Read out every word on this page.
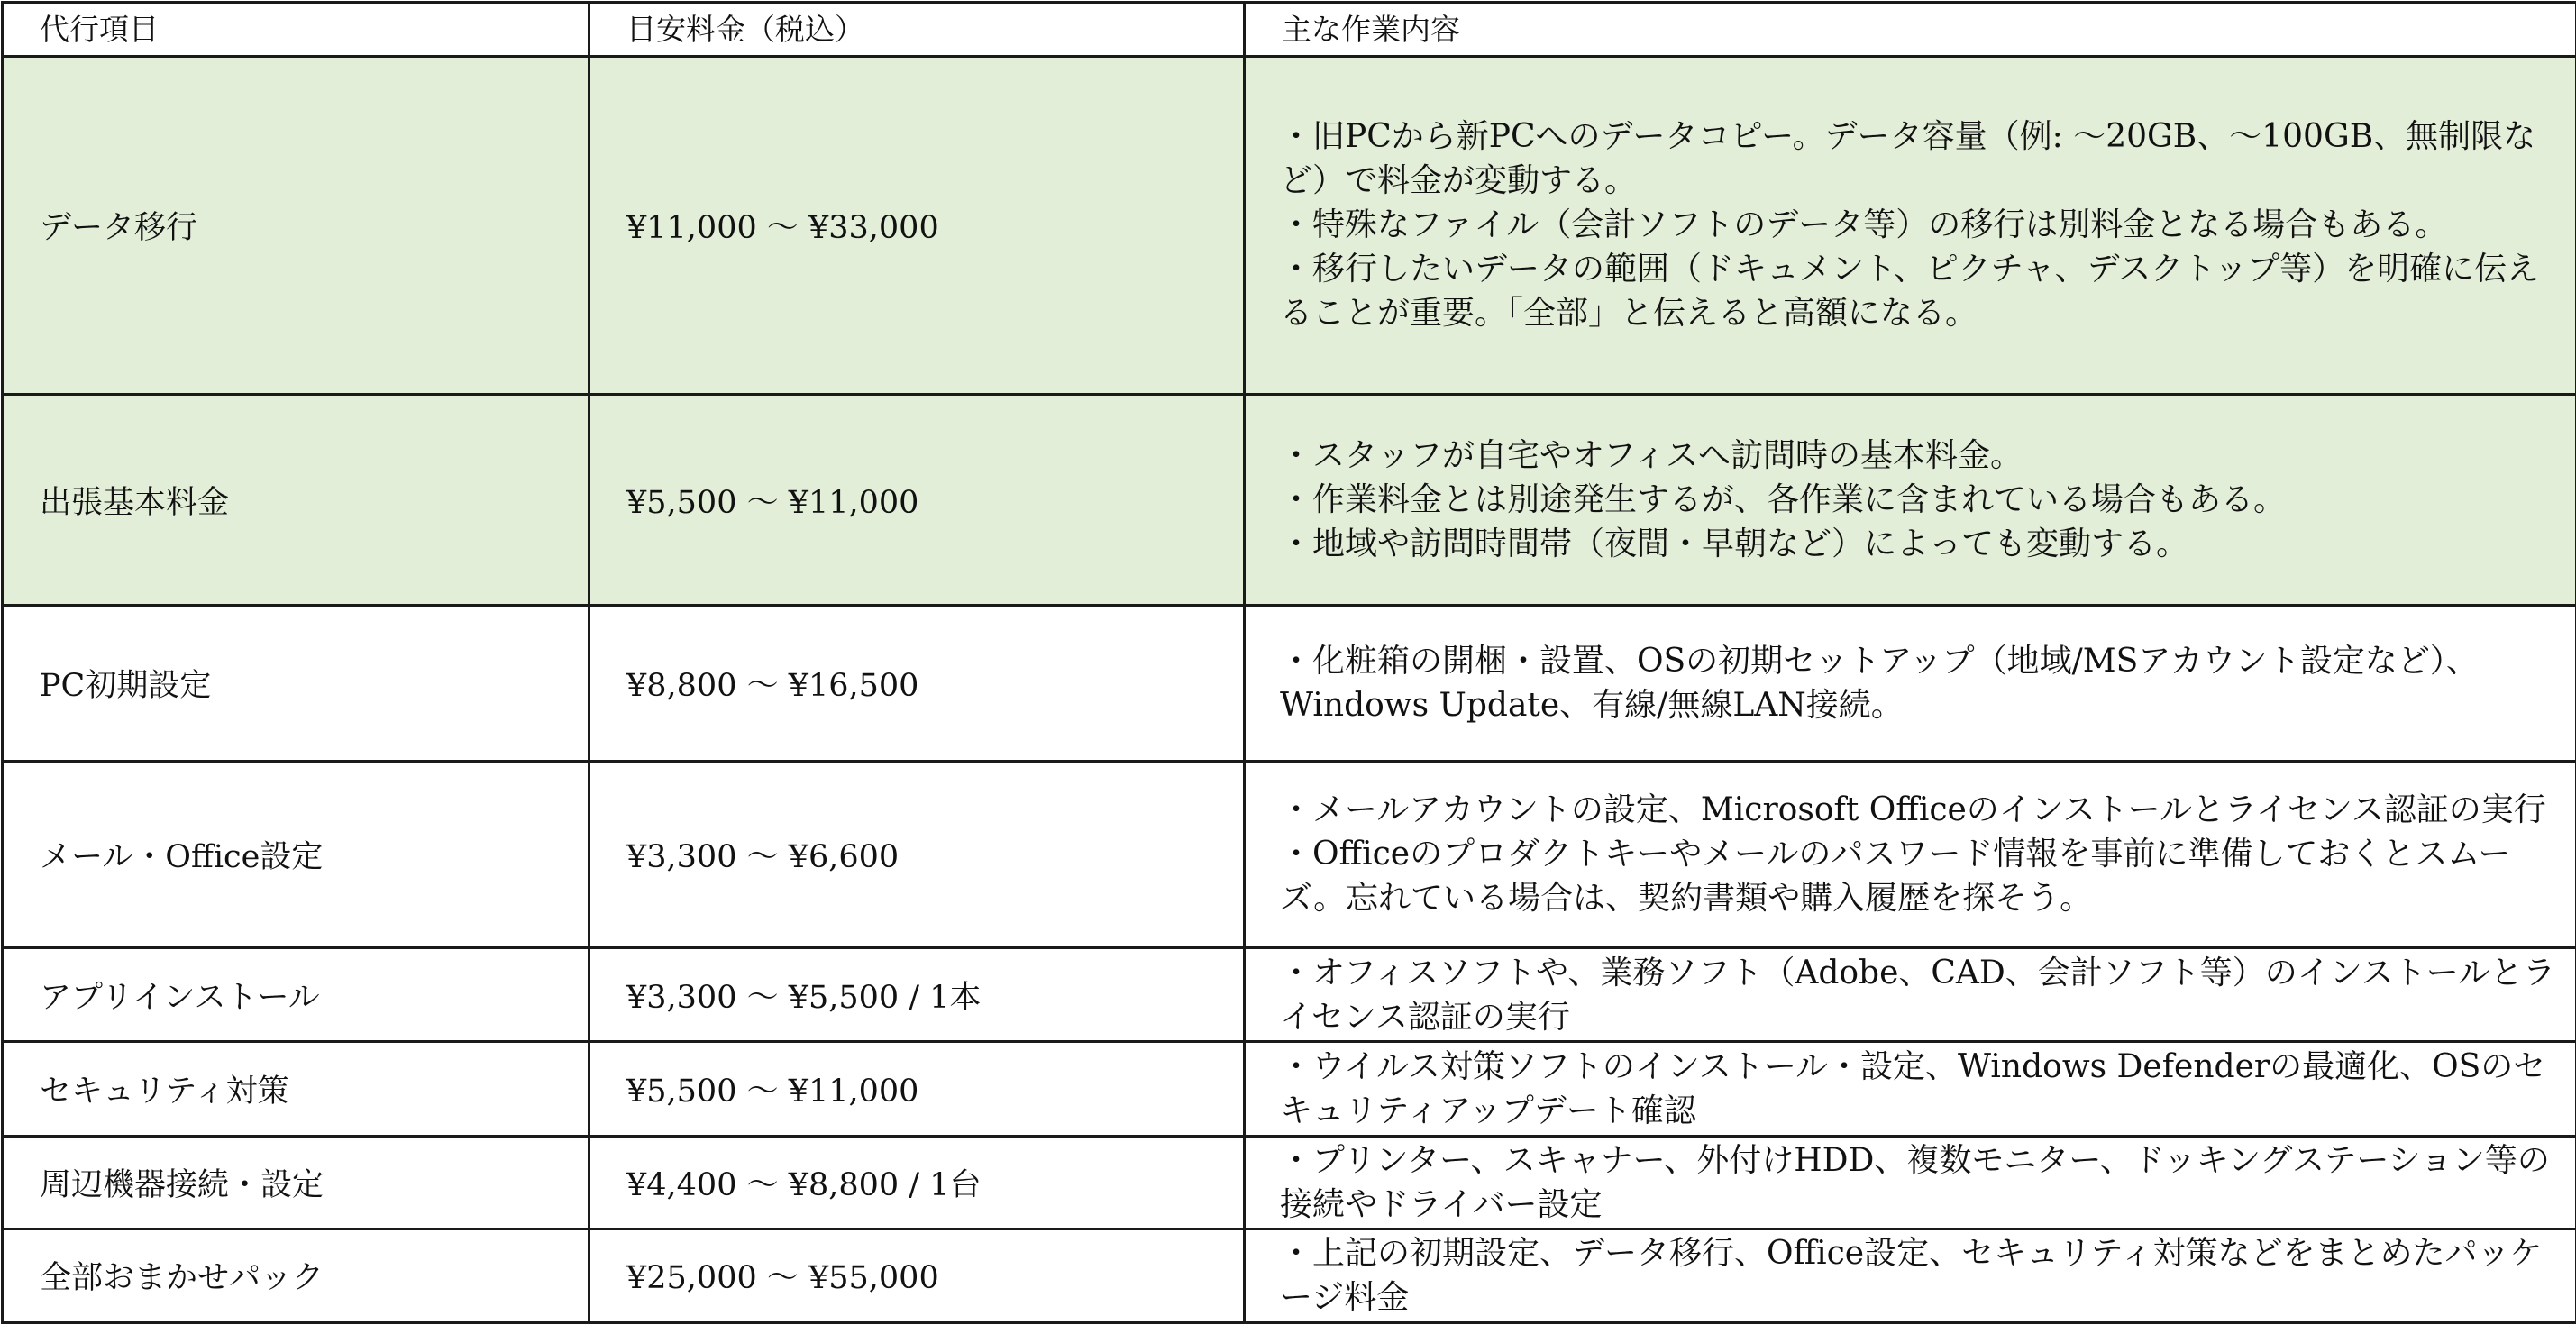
代行項目	目安料金（税込）	主な作業内容
データ移行	¥11,000 〜 ¥33,000	・旧PCから新PCへのデータコピー。データ容量（例: 〜20GB、〜100GB、無制限など）で料金が変動する。
・特殊なファイル（会計ソフトのデータ等）の移行は別料金となる場合もある。
・移行したいデータの範囲（ドキュメント、ピクチャ、デスクトップ等）を明確に伝えることが重要。「全部」と伝えると高額になる。

出張基本料金	¥5,500 〜 ¥11,000	・スタッフが自宅やオフィスへ訪問時の基本料金。
・作業料金とは別途発生するが、各作業に含まれている場合もある。
・地域や訪問時間帯（夜間・早朝など）によっても変動する。

PC初期設定	¥8,800 〜 ¥16,500	・化粧箱の開梱・設置、OSの初期セットアップ（地域/MSアカウント設定など）、Windows Update、有線/無線LAN接続。

メール・Office設定	¥3,300 〜 ¥6,600	・メールアカウントの設定、Microsoft Officeのインストールとライセンス認証の実行
・Officeのプロダクトキーやメールのパスワード情報を事前に準備しておくとスムーズ。忘れている場合は、契約書類や購入履歴を探そう。

アプリインストール	¥3,300 〜 ¥5,500 / 1本	・オフィスソフトや、業務ソフト（Adobe、CAD、会計ソフト等）のインストールとライセンス認証の実行

セキュリティ対策	¥5,500 〜 ¥11,000	・ウイルス対策ソフトのインストール・設定、Windows Defenderの最適化、OSのセキュリティアップデート確認

周辺機器接続・設定	¥4,400 〜 ¥8,800 / 1台	・プリンター、スキャナー、外付けHDD、複数モニター、ドッキングステーション等の接続やドライバー設定

全部おまかせパック	¥25,000 〜 ¥55,000	・上記の初期設定、データ移行、Office設定、セキュリティ対策などをまとめたパッケージ料金
